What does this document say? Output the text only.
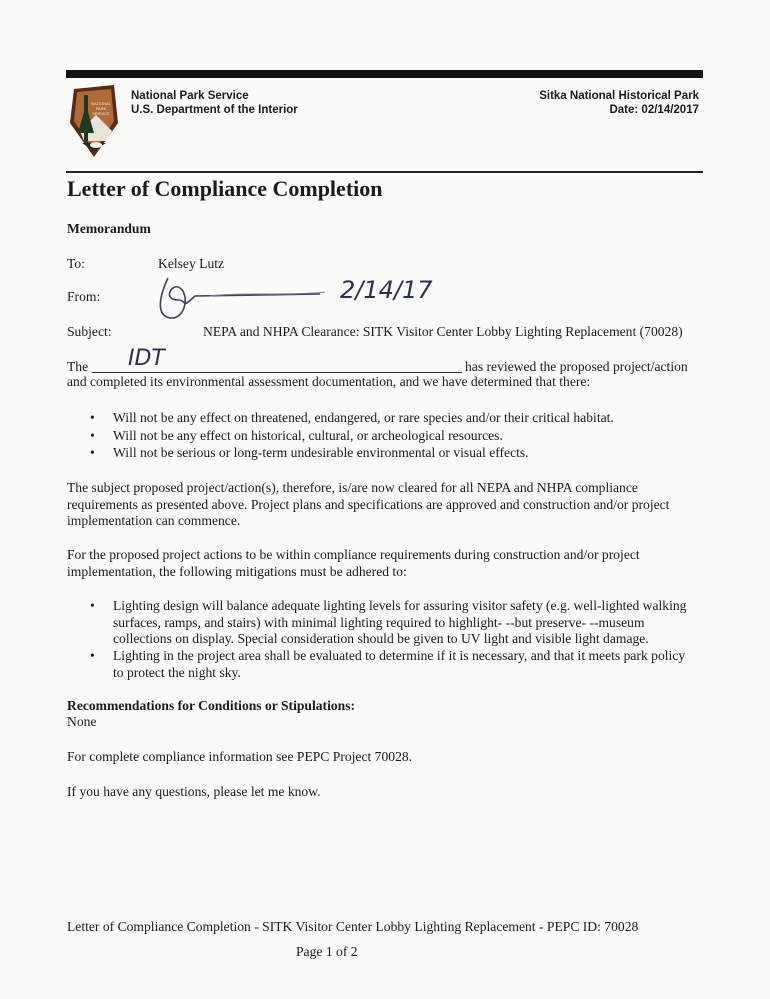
NATIONAL
PARK
SERVICE
National Park Service
U.S. Department of the Interior
Sitka National Historical Park
Date: 02/14/2017
Letter of Compliance Completion
Memorandum
To:	Kelsey Lutz
From:	2/14/17
Subject:	NEPA and NHPA Clearance: SITK Visitor Center Lobby Lighting Replacement (70028)
The IDT	has reviewed the proposed project/action
and completed its environmental assessment documentation, and we have determined that there:
• Will not be any effect on threatened, endangered, or rare species and/or their critical habitat.
• Will not be any effect on historical, cultural, or archeological resources.
• Will not be serious or long-term undesirable environmental or visual effects.
The subject proposed project/action(s), therefore, is/are now cleared for all NEPA and NHPA compliance
requirements as presented above. Project plans and specifications are approved and construction and/or project
implementation can commence.
For the proposed project actions to be within compliance requirements during construction and/or project
implementation, the following mitigations must be adhered to:
• Lighting design will balance adequate lighting levels for assuring visitor safety (e.g. well-lighted walking
surfaces, ramps, and stairs) with minimal lighting required to highlight- --but preserve- --museum
collections on display. Special consideration should be given to UV light and visible light damage.
• Lighting in the project area shall be evaluated to determine if it is necessary, and that it meets park policy
to protect the night sky.
Recommendations for Conditions or Stipulations:
None
For complete compliance information see PEPC Project 70028.
If you have any questions, please let me know.
Letter of Compliance Completion - SITK Visitor Center Lobby Lighting Replacement - PEPC ID: 70028
Page 1 of 2
